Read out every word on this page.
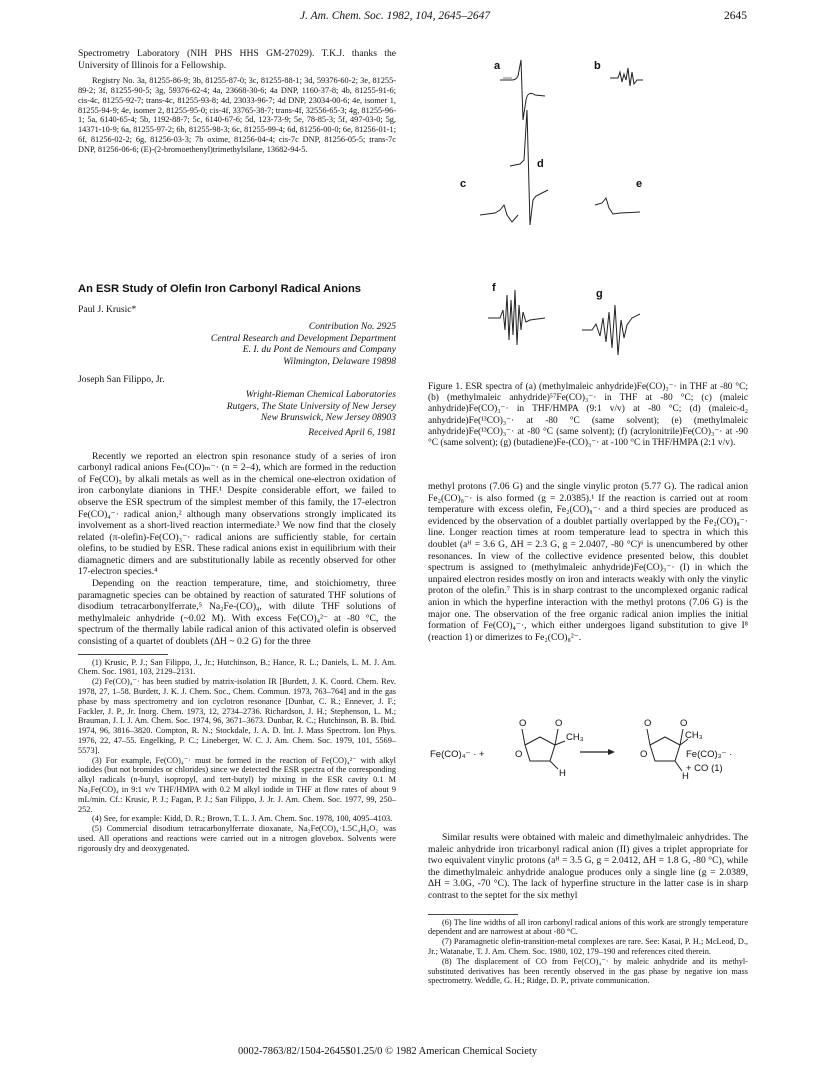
J. Am. Chem. Soc. 1982, 104, 2645–2647	2645

Spectrometry Laboratory (NIH PHS HHS GM-27029). T.K.J. thanks the University of Illinois for a Fellowship.

Registry No. 3a, 81255-86-9; 3b, 81255-87-0; 3c, 81255-88-1; 3d, 59376-60-2; 3e, 81255-89-2; 3f, 81255-90-5; 3g, 59376-62-4; 4a, 23668-30-6; 4a DNP, 1160-37-8; 4b, 81255-91-6; cis-4c, 81255-92-7; trans-4c, 81255-93-8; 4d, 23033-96-7; 4d DNP, 23034-00-6; 4e, isomer 1, 81255-94-9; 4e, isomer 2, 81255-95-0; cis-4f, 33765-38-7; trans-4f, 32556-65-3; 4g, 81255-96-1; 5a, 6140-65-4; 5b, 1192-88-7; 5c, 6140-67-6; 5d, 123-73-9; 5e, 78-85-3; 5f, 497-03-0; 5g, 14371-10-9; 6a, 81255-97-2; 6b, 81255-98-3; 6c, 81255-99-4; 6d, 81256-00-0; 6e, 81256-01-1; 6f, 81256-02-2; 6g, 81256-03-3; 7b oxime, 81256-04-4; cis-7c DNP, 81256-05-5; trans-7c DNP, 81256-06-6; (E)-(2-bromoethenyl)trimethylsilane, 13682-94-5.

An ESR Study of Olefin Iron Carbonyl Radical Anions

Paul J. Krusic*

Contribution No. 2925

Central Research and Development Department

E. I. du Pont de Nemours and Company

Wilmington, Delaware 19898

Joseph San Filippo, Jr.

Wright-Rieman Chemical Laboratories

Rutgers, The State University of New Jersey

New Brunswick, New Jersey 08903

Received April 6, 1981

Recently we reported an electron spin resonance study of a series of iron carbonyl radical anions Feₙ(CO)ₘ⁻· (n = 2–4), which are formed in the reduction of Fe(CO)₅ by alkali metals as well as in the chemical one-electron oxidation of iron carbonylate dianions in THF.¹ Despite considerable effort, we failed to observe the ESR spectrum of the simplest member of this family, the 17-electron Fe(CO)₄⁻· radical anion,² although many observations strongly implicated its involvement as a short-lived reaction intermediate.³ We now find that the closely related (π-olefin)-Fe(CO)₃⁻· radical anions are sufficiently stable, for certain olefins, to be studied by ESR. These radical anions exist in equilibrium with their diamagnetic dimers and are substitutionally labile as recently observed for other 17-electron species.⁴

Depending on the reaction temperature, time, and stoichiometry, three paramagnetic species can be obtained by reaction of saturated THF solutions of disodium tetracarbonylferrate,⁵ Na₂Fe-(CO)₄, with dilute THF solutions of methylmaleic anhydride (~0.02 M). With excess Fe(CO)₄²⁻ at -80 °C, the spectrum of the thermally labile radical anion of this activated olefin is observed consisting of a quartet of doublets (ΔH ~ 0.2 G) for the three

(1) Krusic, P. J.; San Filippo, J., Jr.; Hutchinson, B.; Hance, R. L.; Daniels, L. M. J. Am. Chem. Soc. 1981, 103, 2129–2131.

(2) Fe(CO)₄⁻· has been studied by matrix-isolation IR [Burdett, J. K. Coord. Chem. Rev. 1978, 27, 1–58. Burdett, J. K. J. Chem. Soc., Chem. Commun. 1973, 763–764] and in the gas phase by mass spectrometry and ion cyclotron resonance [Dunbar, C. R.; Ennever, J. F.; Fackler, J. P., Jr. Inorg. Chem. 1973, 12, 2734–2736. Richardson, J. H.; Stephenson, L. M.; Brauman, J. I. J. Am. Chem. Soc. 1974, 96, 3671–3673. Dunbar, R. C.; Hutchinson, B. B. Ibid. 1974, 96, 3816–3820. Compton, R. N.; Stockdale, J. A. D. Int. J. Mass Spectrom. Ion Phys. 1976, 22, 47–55. Engelking, P. C.; Lineberger, W. C. J. Am. Chem. Soc. 1979, 101, 5569–5573].

(3) For example, Fe(CO)₄⁻· must be formed in the reaction of Fe(CO)₄²⁻ with alkyl iodides (but not bromides or chlorides) since we detected the ESR spectra of the corresponding alkyl radicals (n-butyl, isopropyl, and tert-butyl) by mixing in the ESR cavity 0.1 M Na₂Fe(CO)₄ in 9:1 v/v THF/HMPA with 0.2 M alkyl iodide in THF at flow rates of about 9 mL/min. Cf.: Krusic, P. J.; Fagan, P. J.; San Filippo, J. Jr. J. Am. Chem. Soc. 1977, 99, 250–252.

(4) See, for example: Kidd, D. R.; Brown, T. L. J. Am. Chem. Soc. 1978, 100, 4095–4103.

(5) Commercial disodium tetracarbonylferrate dioxanate, Na₂Fe(CO)₄·1.5C₄H₈O₂ was used. All operations and reactions were carried out in a nitrogen glovebox. Solvents were rigorously dry and deoxygenated.

a	b
c
d
e
f	g
Figure 1. ESR spectra of (a) (methylmaleic anhydride)Fe(CO)₃⁻· in THF at -80 °C; (b) (methylmaleic anhydride)⁵⁷Fe(CO)₃⁻· in THF at -80 °C; (c) (maleic anhydride)Fe(CO)₃⁻· in THF/HMPA (9:1 v/v) at -80 °C; (d) (maleic-d₂ anhydride)Fe(¹³CO)₃⁻· at -80 °C (same solvent); (e) (methylmaleic anhydride)Fe(¹³CO)₃⁻· at -80 °C (same solvent); (f) (acrylonitrile)Fe(CO)₃⁻· at -90 °C (same solvent); (g) (butadiene)Fe-(CO)₃⁻· at -100 °C in THF/HMPA (2:1 v/v).

methyl protons (7.06 G) and the single vinylic proton (5.77 G). The radical anion Fe₂(CO)₈⁻· is also formed (g = 2.0385).¹ If the reaction is carried out at room temperature with excess olefin, Fe₂(CO)₈⁻· and a third species are produced as evidenced by the observation of a doublet partially overlapped by the Fe₂(CO)₈⁻· line. Longer reaction times at room temperature lead to spectra in which this doublet (aᴴ = 3.6 G, ΔH = 2.3 G, g = 2.0407, -80 °C)⁶ is unencumbered by other resonances. In view of the collective evidence presented below, this doublet spectrum is assigned to (methylmaleic anhydride)Fe(CO)₃⁻· (I) in which the unpaired electron resides mostly on iron and interacts weakly with only the vinylic proton of the olefin.⁷ This is in sharp contrast to the uncomplexed organic radical anion in which the hyperfine interaction with the methyl protons (7.06 G) is the major one. The observation of the free organic radical anion implies the initial formation of Fe(CO)₄⁻·, which either undergoes ligand substitution to give I⁸ (reaction 1) or dimerizes to Fe₂(CO)₈²⁻.

Fe(CO)₄⁻ · +
CH₃
O	O
O
H
CH₃
O	O
O
H
Fe(CO)₃⁻ ·
+ CO (1)

Similar results were obtained with maleic and dimethylmaleic anhydrides. The maleic anhydride iron tricarbonyl radical anion (II) gives a triplet appropriate for two equivalent vinylic protons (aᴴ = 3.5 G, g = 2.0412, ΔH = 1.8 G, -80 °C), while the dimethylmaleic anhydride analogue produces only a single line (g = 2.0389, ΔH = 3.0G, -70 °C). The lack of hyperfine structure in the latter case is in sharp contrast to the septet for the six methyl

(6) The line widths of all iron carbonyl radical anions of this work are strongly temperature dependent and are narrowest at about -80 °C.

(7) Paramagnetic olefin-transition-metal complexes are rare. See: Kasai, P. H.; McLeod, D., Jr.; Watanabe, T. J. Am. Chem. Soc. 1980, 102, 179–190 and references cited therein.

(8) The displacement of CO from Fe(CO)₄⁻· by maleic anhydride and its methyl-substituted derivatives has been recently observed in the gas phase by negative ion mass spectrometry. Weddle, G. H.; Ridge, D. P., private communication.

0002-7863/82/1504-2645$01.25/0 © 1982 American Chemical Society
